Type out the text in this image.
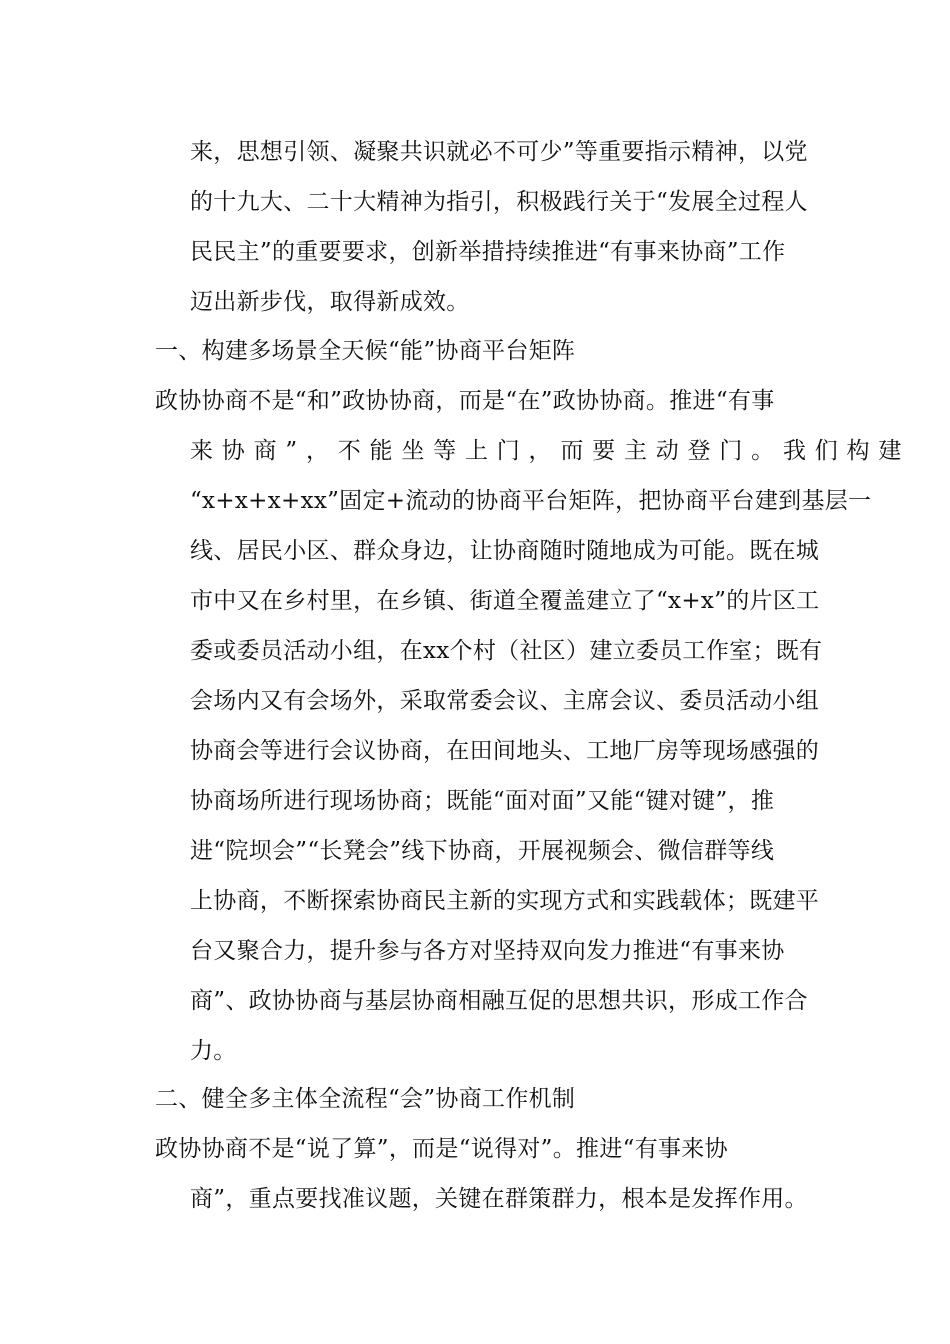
来，思想引领、凝聚共识就必不可少”等重要指示精神，以党
的十九大、二十大精神为指引，积极践行关于“发展全过程人
民民主”的重要要求，创新举措持续推进“有事来协商”工作
迈出新步伐，取得新成效。
一、构建多场景全天候“能”协商平台矩阵
政协协商不是“和”政协协商，而是“在”政协协商。推进“有事
来协商”，不能坐等上门，而要主动登门。我们构建
“x+x+x+xx”固定+流动的协商平台矩阵，把协商平台建到基层一
线、居民小区、群众身边，让协商随时随地成为可能。既在城
市中又在乡村里，在乡镇、街道全覆盖建立了“x+x”的片区工
委或委员活动小组，在xx个村（社区）建立委员工作室；既有
会场内又有会场外，采取常委会议、主席会议、委员活动小组
协商会等进行会议协商，在田间地头、工地厂房等现场感强的
协商场所进行现场协商；既能“面对面”又能“键对键”，推
进“院坝会”“长凳会”线下协商，开展视频会、微信群等线
上协商，不断探索协商民主新的实现方式和实践载体；既建平
台又聚合力，提升参与各方对坚持双向发力推进“有事来协
商”、政协协商与基层协商相融互促的思想共识，形成工作合
力。
二、健全多主体全流程“会”协商工作机制
政协协商不是“说了算”，而是“说得对”。推进“有事来协
商”，重点要找准议题，关键在群策群力，根本是发挥作用。
